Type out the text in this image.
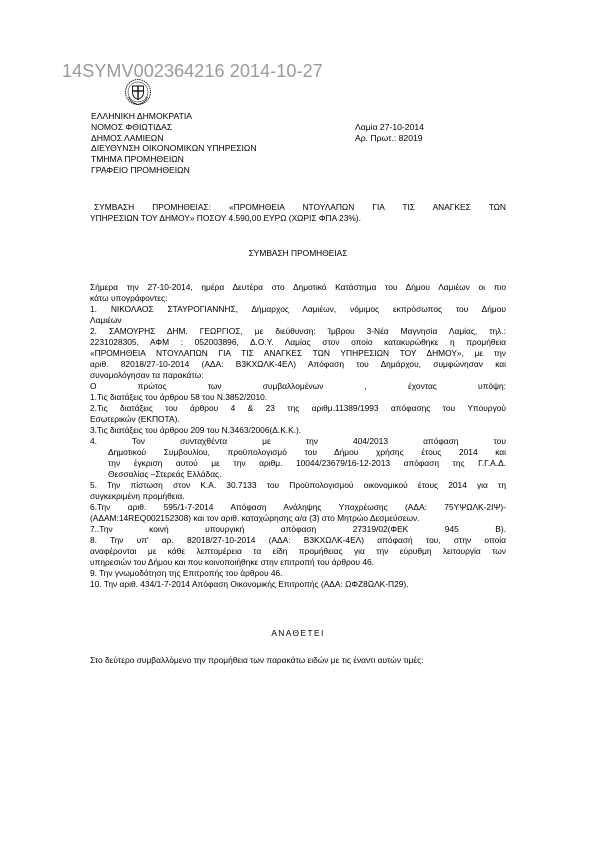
14SYMV002364216 2014-10-27
ΕΛΛΗΝΙΚΗ ΔΗΜΟΚΡΑΤΙΑ
ΝΟΜΟΣ ΦΘΙΩΤΙΔΑΣ
ΔΗΜΟΣ ΛΑΜΙΕΩΝ
ΔΙΕΥΘΥΝΣΗ ΟΙΚΟΝΟΜΙΚΩΝ ΥΠΗΡΕΣΙΩΝ
ΤΜΗΜΑ ΠΡΟΜΗΘΕΙΩΝ
ΓΡΑΦΕΙΟ ΠΡΟΜΗΘΕΙΩΝ
Λαμία 27-10-2014
Αρ. Πρωτ.: 82019
ΣΥΜΒΑΣΗ ΠΡΟΜΗΘΕΙΑΣ: «ΠΡΟΜΗΘΕΙΑ ΝΤΟΥΛΑΠΩΝ ΓΙΑ ΤΙΣ ΑΝΑΓΚΕΣ ΤΩΝ
ΥΠΗΡΕΣΙΩΝ ΤΟΥ ΔΗΜΟΥ» ΠΟΣΟΥ 4.590,00 ΕΥΡΩ (ΧΩΡΙΣ ΦΠΑ 23%).
ΣΥΜΒΑΣΗ ΠΡΟΜΗΘΕΙΑΣ
Σήμερα την 27-10-2014, ημέρα Δευτέρα στο Δημοτικό Κατάστημα του Δήμου Λαμιέων οι πιο
κάτω υπογράφοντες:
1. ΝΙΚΟΛΑΟΣ ΣΤΑΥΡΟΓΙΑΝΝΗΣ, Δήμαρχος Λαμιέων, νόμιμος εκπρόσωπος του Δήμου
Λαμιέων
2. ΣΑΜΟΥΡΗΣ ΔΗΜ. ΓΕΩΡΓΙΟΣ, με διεύθυνση: Ίμβρου 3-Νέα Μαγνησία Λαμίας, τηλ.:
2231028305, ΑΦΜ : 052003896, Δ.Ο.Υ. Λαμίας στον οποίο κατακυρώθηκε η προμήθεια
«ΠΡΟΜΗΘΕΙΑ ΝΤΟΥΛΑΠΩΝ ΓΙΑ ΤΙΣ ΑΝΑΓΚΕΣ ΤΩΝ ΥΠΗΡΕΣΙΩΝ ΤΟΥ ΔΗΜΟΥ», με την
αριθ. 82018/27-10-2014 (ΑΔΑ: Β3ΚΧΩΛΚ-4ΕΛ) Απόφαση του Δημάρχου, συμφώνησαν και
συνομολόγησαν τα παρακάτω:
Ο	πρώτος	των	συμβαλλομένων	,	έχοντας	υπόψη:
1.Τις διατάξεις του άρθρου 58 του Ν.3852/2010.
2.Τις διατάξεις του άρθρου 4 & 23 της αριθμ.11389/1993 απόφασης του Υπουργού
Εσωτερικών (ΕΚΠΟΤΑ).
3.Τις διατάξεις του άρθρου 209 του Ν.3463/2006(Δ.Κ.Κ.).
4. Τον συνταχθέντα με την 404/2013 απόφαση του
Δημοτικού Συμβουλίου, προϋπολογισμό του Δήμου χρήσης έτους 2014 και
την έγκριση αυτού με την αριθμ. 10044/23679/16-12-2013 απόφαση της Γ.Γ.Α.Δ.
Θεσσαλίας –Στερεάς Ελλάδας.
5. Την πίστωση στον Κ.Α. 30.7133 του Προϋπολογισμού οικονομικού έτους 2014 για τη
συγκεκριμένη προμήθεια.
6.Την αριθ. 595/1-7-2014 Απόφαση Ανάληψης Υποχρέωσης (ΑΔΑ: 75ΥΨΩΛΚ-2ΙΨ)-
(ΑΔΑΜ:14REQ002152308) και τον αριθ. καταχώρησης α/α (3) στο Μητρώο Δεσμεύσεων.
7..Την κοινή υπουργική απόφαση 27319/02(ΦΕΚ 945 Β).
8. Την υπ' αρ. 82018/27-10-2014 (ΑΔΑ: Β3ΚΧΩΛΚ-4ΕΛ) απόφασή του, στην οποία
αναφέρονται με κάθε λεπτομέρεια τα είδη προμήθειας για την εύρυθμη λειτουργία των
υπηρεσιών του Δήμου και που κοινοποιήθηκε στην επιτροπή του άρθρου 46.
9. Την γνωμοδότηση της Επιτροπής του άρθρου 46.
10. Την αριθ. 434/1-7-2014 Απόφαση Οικονομικής Επιτροπής (ΑΔΑ: ΩΦΖ8ΩΛΚ-Π29).
ΑΝΑΘΕΤΕΙ
Στο δεύτερο συμβαλλόμενο την προμήθεια των παρακάτω ειδών με τις έναντι αυτών τιμές:
